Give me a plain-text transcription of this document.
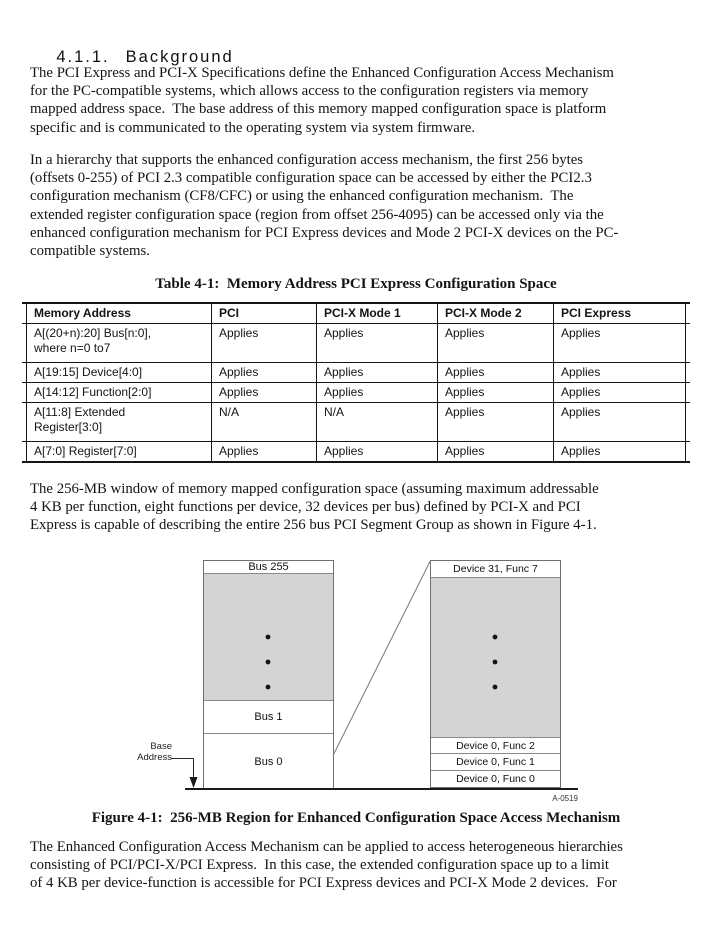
4.1.1. Background

The PCI Express and PCI-X Specifications define the Enhanced Configuration Access Mechanism
for the PC-compatible systems, which allows access to the configuration registers via memory
mapped address space.  The base address of this memory mapped configuration space is platform
specific and is communicated to the operating system via system firmware.
In a hierarchy that supports the enhanced configuration access mechanism, the first 256 bytes
(offsets 0-255) of PCI 2.3 compatible configuration space can be accessed by either the PCI2.3
configuration mechanism (CF8/CFC) or using the enhanced configuration mechanism.  The
extended register configuration space (region from offset 256-4095) can be accessed only via the
enhanced configuration mechanism for PCI Express devices and Mode 2 PCI-X devices on the PC-
compatible systems.
Table 4-1:  Memory Address PCI Express Configuration Space
Memory Address	PCI	PCI-X Mode 1	PCI-X Mode 2	PCI Express
A[(20+n):20] Bus[n:0],
where n=0 to7
Applies	Applies	Applies	Applies
A[19:15] Device[4:0]	Applies	Applies	Applies	Applies
A[14:12] Function[2:0]	Applies	Applies	Applies	Applies
A[11:8] Extended
Register[3:0]
N/A	N/A	Applies	Applies
A[7:0] Register[7:0]	Applies	Applies	Applies	Applies
The 256-MB window of memory mapped configuration space (assuming maximum addressable
4 KB per function, eight functions per device, 32 devices per bus) defined by PCI-X and PCI
Express is capable of describing the entire 256 bus PCI Segment Group as shown in Figure 4-1.
Bus 255
Bus 1
Bus 0
Device 31, Func 7
Device 0, Func 2
Device 0, Func 1
Device 0, Func 0
Base
Address
A-0519
Figure 4-1:  256-MB Region for Enhanced Configuration Space Access Mechanism
The Enhanced Configuration Access Mechanism can be applied to access heterogeneous hierarchies
consisting of PCI/PCI-X/PCI Express.  In this case, the extended configuration space up to a limit
of 4 KB per device-function is accessible for PCI Express devices and PCI-X Mode 2 devices.  For
